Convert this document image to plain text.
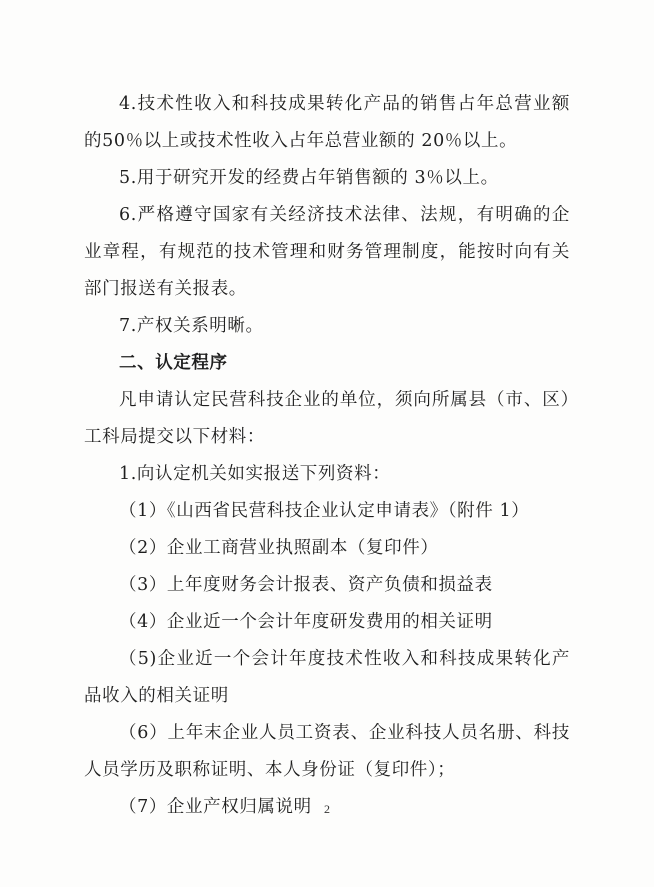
4.技术性收入和科技成果转化产品的销售占年总营业额的50％以上或技术性收入占年总营业额的 20％以上。

5.用于研究开发的经费占年销售额的 3％以上。

6.严格遵守国家有关经济技术法律、法规，有明确的企业章程，有规范的技术管理和财务管理制度，能按时向有关部门报送有关报表。

7.产权关系明晰。

二、认定程序

凡申请认定民营科技企业的单位，须向所属县（市、区）工科局提交以下材料：

1.向认定机关如实报送下列资料：

（1）《山西省民营科技企业认定申请表》（附件 1）

（2）企业工商营业执照副本（复印件）

（3）上年度财务会计报表、资产负债和损益表

（4）企业近一个会计年度研发费用的相关证明

（5)企业近一个会计年度技术性收入和科技成果转化产品收入的相关证明

（6）上年末企业人员工资表、企业科技人员名册、科技人员学历及职称证明、本人身份证（复印件）；

（7）企业产权归属说明	2
